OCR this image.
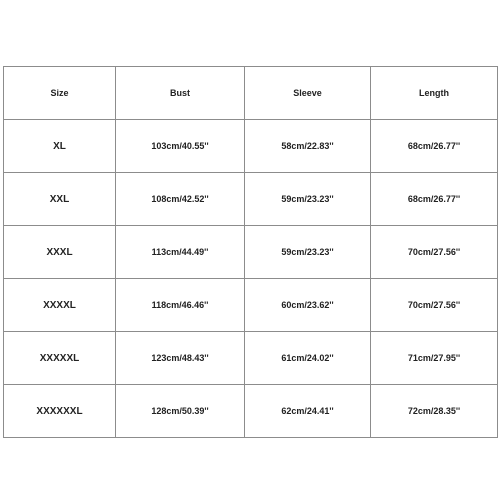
Size	Bust	Sleeve	Length
XL	103cm/40.55''	58cm/22.83''	68cm/26.77''
XXL	108cm/42.52''	59cm/23.23''	68cm/26.77''
XXXL	113cm/44.49''	59cm/23.23''	70cm/27.56''
XXXXL	118cm/46.46''	60cm/23.62''	70cm/27.56''
XXXXXL	123cm/48.43''	61cm/24.02''	71cm/27.95''
XXXXXXL	128cm/50.39''	62cm/24.41''	72cm/28.35''
